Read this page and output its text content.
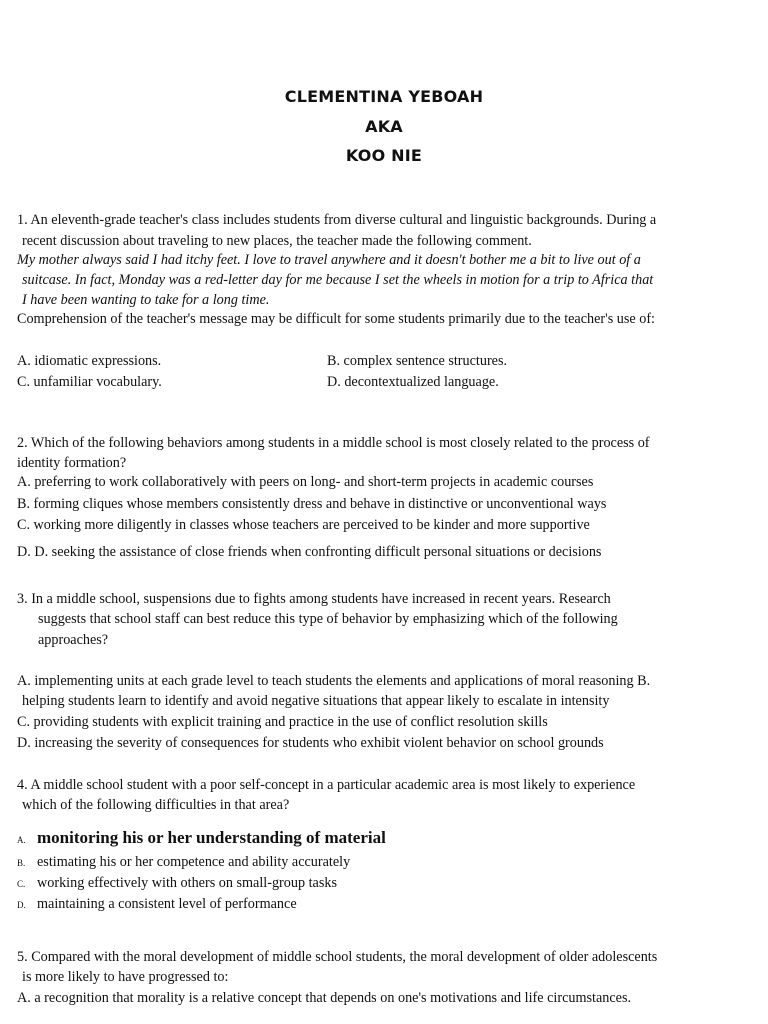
CLEMENTINA YEBOAH
AKA
KOO NIE
1. An eleventh-grade teacher's class includes students from diverse cultural and linguistic backgrounds. During a
recent discussion about traveling to new places, the teacher made the following comment.
My mother always said I had itchy feet. I love to travel anywhere and it doesn't bother me a bit to live out of a
suitcase. In fact, Monday was a red-letter day for me because I set the wheels in motion for a trip to Africa that
I have been wanting to take for a long time.
Comprehension of the teacher's message may be difficult for some students primarily due to the teacher's use of:
A. idiomatic expressions.	B. complex sentence structures.
C. unfamiliar vocabulary.	D. decontextualized language.
2. Which of the following behaviors among students in a middle school is most closely related to the process of
identity formation?
A. preferring to work collaboratively with peers on long- and short-term projects in academic courses
B. forming cliques whose members consistently dress and behave in distinctive or unconventional ways
C. working more diligently in classes whose teachers are perceived to be kinder and more supportive
D. D. seeking the assistance of close friends when confronting difficult personal situations or decisions
3. In a middle school, suspensions due to fights among students have increased in recent years. Research
suggests that school staff can best reduce this type of behavior by emphasizing which of the following
approaches?
A. implementing units at each grade level to teach students the elements and applications of moral reasoning B.
helping students learn to identify and avoid negative situations that appear likely to escalate in intensity
C. providing students with explicit training and practice in the use of conflict resolution skills
D. increasing the severity of consequences for students who exhibit violent behavior on school grounds
4. A middle school student with a poor self-concept in a particular academic area is most likely to experience
which of the following difficulties in that area?
A. monitoring his or her understanding of material
B. estimating his or her competence and ability accurately
C. working effectively with others on small-group tasks
D. maintaining a consistent level of performance
5. Compared with the moral development of middle school students, the moral development of older adolescents
is more likely to have progressed to:
A. a recognition that morality is a relative concept that depends on one's motivations and life circumstances.
